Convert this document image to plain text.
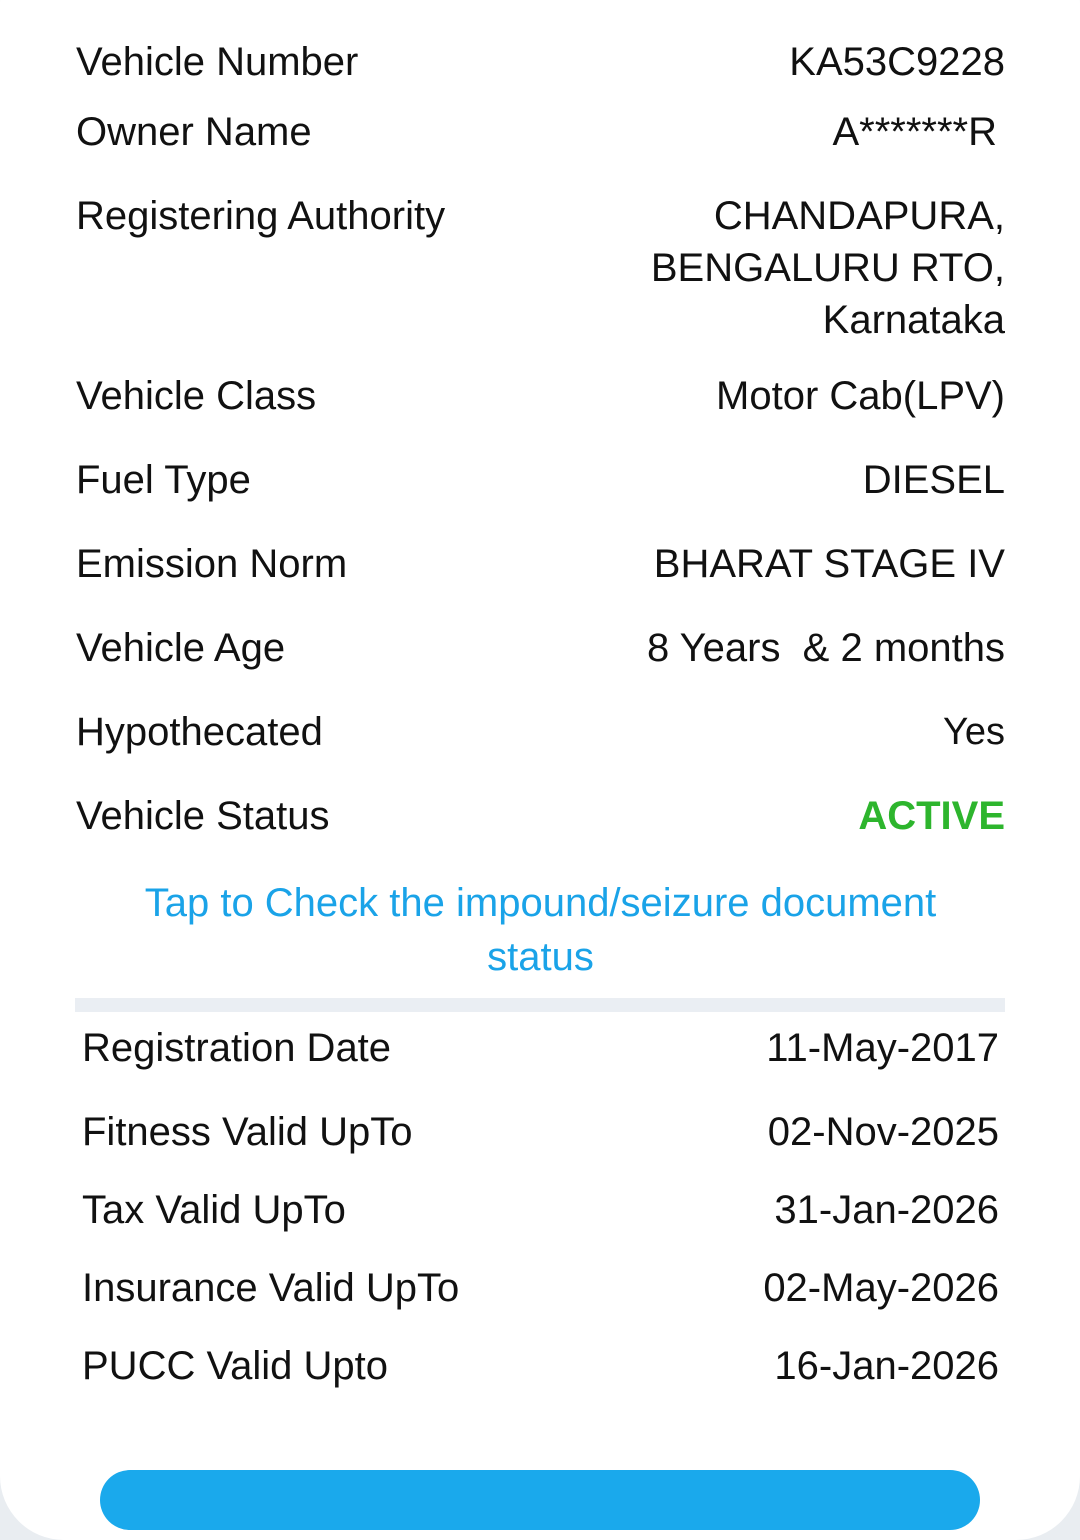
Vehicle Number	KA53C9228
Owner Name	A*******R
Registering Authority	CHANDAPURA,
BENGALURU RTO,
Karnataka
Vehicle Class	Motor Cab(LPV)
Fuel Type	DIESEL
Emission Norm	BHARAT STAGE IV
Vehicle Age	8 Years  & 2 months
Hypothecated	Yes
Vehicle Status	ACTIVE
Tap to Check the impound/seizure document
status
Registration Date	11-May-2017
Fitness Valid UpTo	02-Nov-2025
Tax Valid UpTo	31-Jan-2026
Insurance Valid UpTo	02-May-2026
PUCC Valid Upto	16-Jan-2026
